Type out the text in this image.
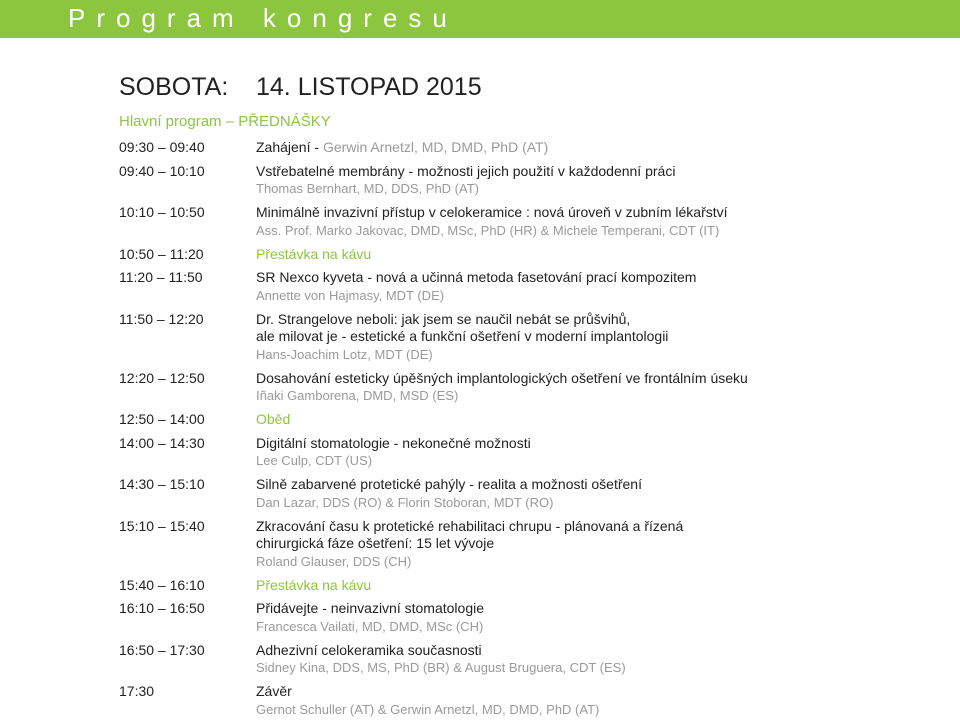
Program kongresu
SOBOTA: 14. LISTOPAD 2015
Hlavní program – PŘEDNÁŠKY
09:30 – 09:40	Zahájení - Gerwin Arnetzl, MD, DMD, PhD (AT)
09:40 – 10:10	Vstřebatelné membrány - možnosti jejich použití v každodenní práci
Thomas Bernhart, MD, DDS, PhD (AT)
10:10 – 10:50	Minimálně invazivní přístup v celokeramice : nová úroveň v zubním lékařství
Ass. Prof. Marko Jakovac, DMD, MSc, PhD (HR) & Michele Temperani, CDT (IT)
10:50 – 11:20	Přestávka na kávu
11:20 – 11:50	SR Nexco kyveta - nová a učinná metoda fasetování prací kompozitem
Annette von Hajmasy, MDT (DE)
11:50 – 12:20	Dr. Strangelove neboli: jak jsem se naučil nebát se průšvihů,
ale milovat je - estetické a funkční ošetření v moderní implantologii
Hans-Joachim Lotz, MDT (DE)
12:20 – 12:50	Dosahování esteticky úpěšných implantologických ošetření ve frontálním úseku
Iñaki Gamborena, DMD, MSD (ES)
12:50 – 14:00	Oběd
14:00 – 14:30	Digitální stomatologie - nekonečné možnosti
Lee Culp, CDT (US)
14:30 – 15:10	Silně zabarvené protetické pahýly - realita a možnosti ošetření
Dan Lazar, DDS (RO) & Florin Stoboran, MDT (RO)
15:10 – 15:40	Zkracování času k protetické rehabilitaci chrupu - plánovaná a řízená
chirurgická fáze ošetření: 15 let vývoje
Roland Glauser, DDS (CH)
15:40 – 16:10	Přestávka na kávu
16:10 – 16:50	Přidávejte - neinvazivní stomatologie
Francesca Vailati, MD, DMD, MSc (CH)
16:50 – 17:30	Adhezivní celokeramika současnosti
Sidney Kina, DDS, MS, PhD (BR) & August Bruguera, CDT (ES)
17:30	Závěr
Gernot Schuller (AT) & Gerwin Arnetzl, MD, DMD, PhD (AT)
